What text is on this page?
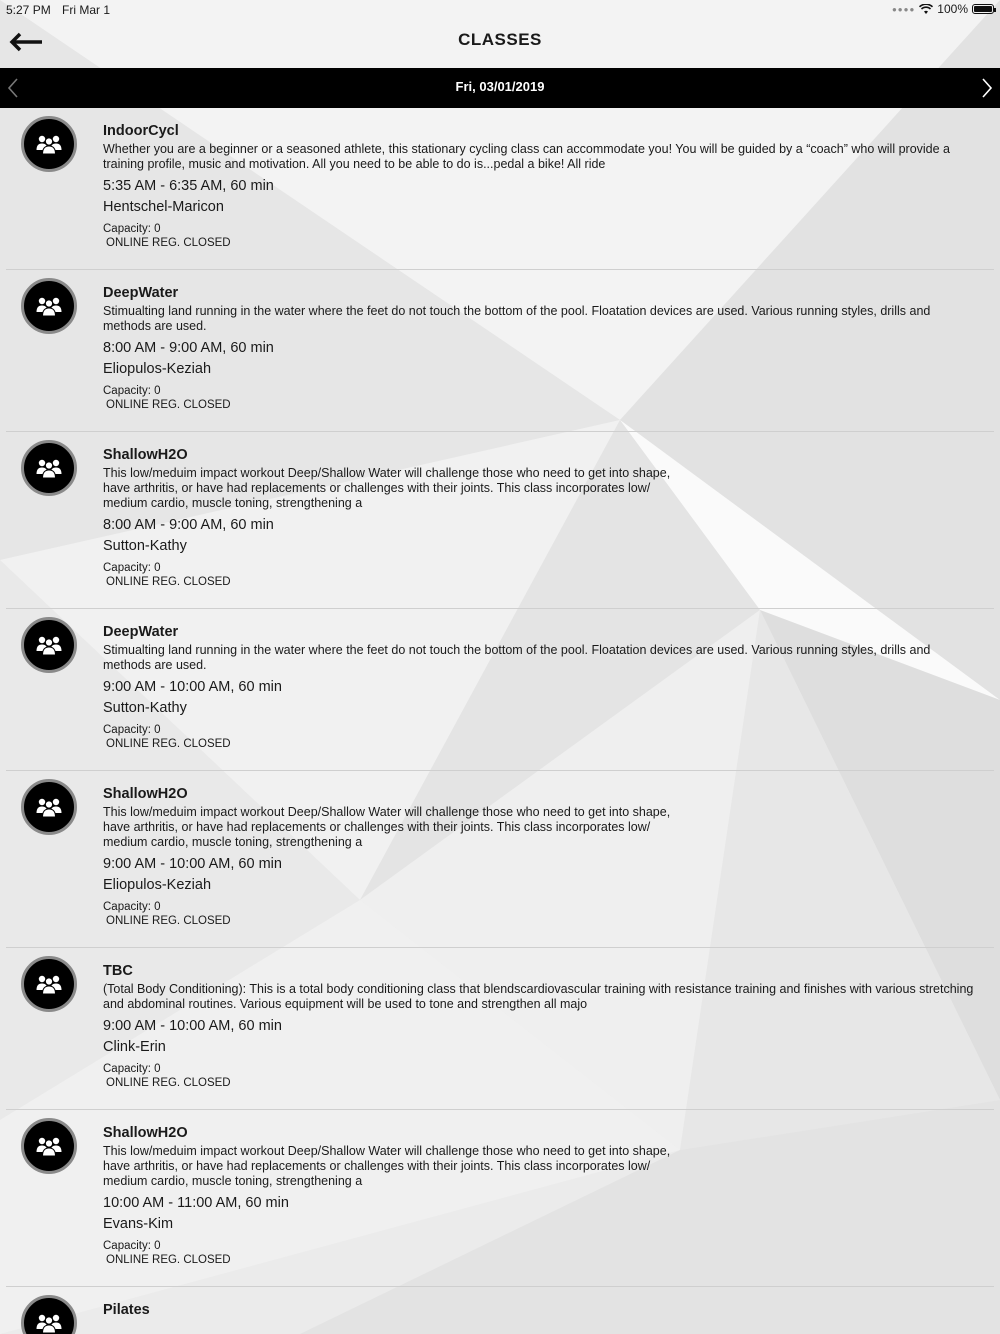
5:27 PM Fri Mar 1	●●●● 100%
CLASSES
Fri, 03/01/2019
IndoorCycl
Whether you are a beginner or a seasoned athlete, this stationary cycling class can accommodate you! You will be guided by a “coach” who will provide a training profile, music and motivation. All you need to be able to do is...pedal a bike! All ride
5:35 AM - 6:35 AM, 60 min
Hentschel-Maricon
Capacity: 0
ONLINE REG. CLOSED
DeepWater
Stimualting land running in the water where the feet do not touch the bottom of the pool. Floatation devices are used. Various running styles, drills and methods are used.
8:00 AM - 9:00 AM, 60 min
Eliopulos-Keziah
Capacity: 0
ONLINE REG. CLOSED
ShallowH2O
This low/meduim impact workout Deep/Shallow Water will challenge those who need to get into shape,
have arthritis, or have had replacements or challenges with their joints. This class incorporates low/
medium cardio, muscle toning, strengthening a
8:00 AM - 9:00 AM, 60 min
Sutton-Kathy
Capacity: 0
ONLINE REG. CLOSED
DeepWater
Stimualting land running in the water where the feet do not touch the bottom of the pool. Floatation devices are used. Various running styles, drills and methods are used.
9:00 AM - 10:00 AM, 60 min
Sutton-Kathy
Capacity: 0
ONLINE REG. CLOSED
ShallowH2O
This low/meduim impact workout Deep/Shallow Water will challenge those who need to get into shape,
have arthritis, or have had replacements or challenges with their joints. This class incorporates low/
medium cardio, muscle toning, strengthening a
9:00 AM - 10:00 AM, 60 min
Eliopulos-Keziah
Capacity: 0
ONLINE REG. CLOSED
TBC
(Total Body Conditioning): This is a total body conditioning class that blendscardiovascular training with resistance training and finishes with various stretching and abdominal routines. Various equipment will be used to tone and strengthen all majo
9:00 AM - 10:00 AM, 60 min
Clink-Erin
Capacity: 0
ONLINE REG. CLOSED
ShallowH2O
This low/meduim impact workout Deep/Shallow Water will challenge those who need to get into shape,
have arthritis, or have had replacements or challenges with their joints. This class incorporates low/
medium cardio, muscle toning, strengthening a
10:00 AM - 11:00 AM, 60 min
Evans-Kim
Capacity: 0
ONLINE REG. CLOSED
Pilates
